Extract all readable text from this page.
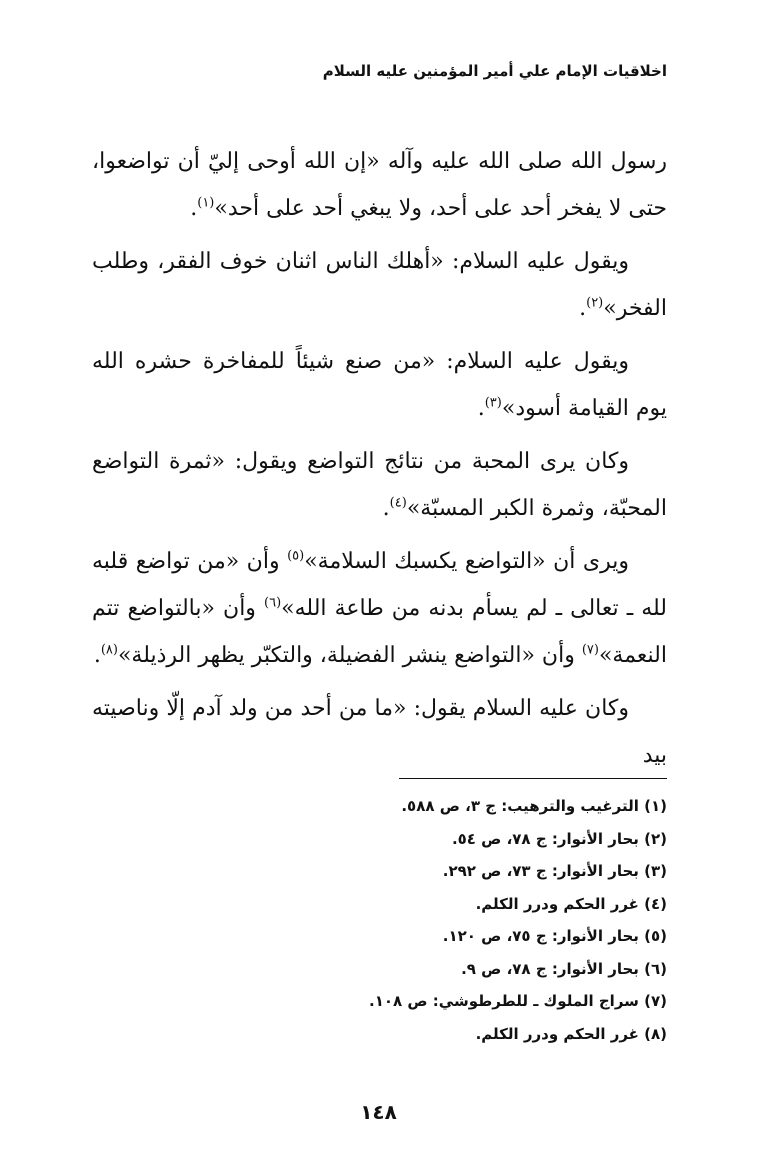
اخلاقيات الإمام علي أمير المؤمنين عليه السلام

رسول الله صلى الله عليه وآله «إن الله أوحى إليّ أن تواضعوا، حتى لا يفخر أحد على أحد، ولا يبغي أحد على أحد»$^{(١)}$.

ويقول عليه السلام: «أهلك الناس اثنان خوف الفقر، وطلب الفخر»$^{(٢)}$.

ويقول عليه السلام: «من صنع شيئاً للمفاخرة حشره الله يوم القيامة أسود»$^{(٣)}$.

وكان يرى المحبة من نتائج التواضع ويقول: «ثمرة التواضع المحبّة، وثمرة الكبر المسبّة»$^{(٤)}$.

ويرى أن «التواضع يكسبك السلامة»$^{(٥)}$ وأن «من تواضع قلبه لله ـ تعالى ـ لم يسأم بدنه من طاعة الله»$^{(٦)}$ وأن «بالتواضع تتم النعمة»$^{(٧)}$ وأن «التواضع ينشر الفضيلة، والتكبّر يظهر الرذيلة»$^{(٨)}$.

وكان عليه السلام يقول: «ما من أحد من ولد آدم إلّا وناصيته بيد

(١) الترغيب والترهيب: ج ٣، ص ٥٨٨.
(٢) بحار الأنوار: ج ٧٨، ص ٥٤.
(٣) بحار الأنوار: ج ٧٣، ص ٢٩٢.
(٤) غرر الحكم ودرر الكلم.
(٥) بحار الأنوار: ج ٧٥، ص ١٢٠.
(٦) بحار الأنوار: ج ٧٨، ص ٩.
(٧) سراج الملوك ـ للطرطوشي: ص ١٠٨.
(٨) غرر الحكم ودرر الكلم.
١٤٨
